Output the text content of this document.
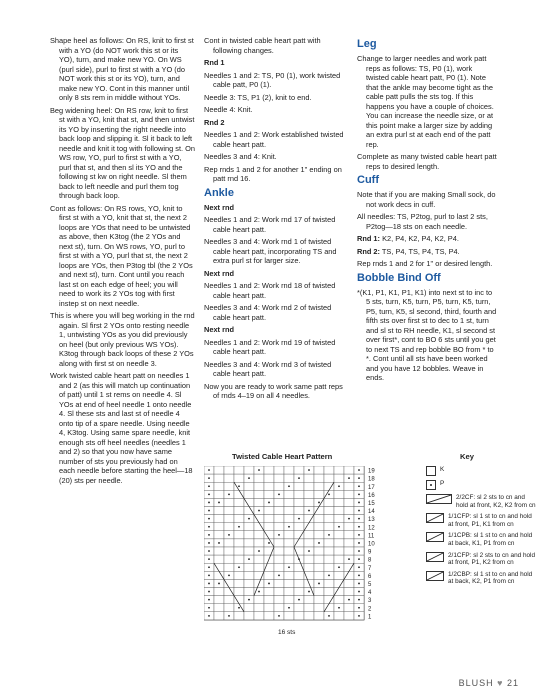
Shape heel as follows: On RS, knit to first st with a YO (do NOT work this st or its YO), turn, and make new YO. On WS (purl side), purl to first st with a YO (do NOT work this st or its YO), turn, and make new YO. Cont in this manner until only 8 sts rem in middle without YOs.

Beg widening heel: On RS row, knit to first st with a YO, knit that st, and then untwist its YO by inserting the right needle into back loop and slipping it. Sl it back to left needle and knit it tog with following st. On WS row, YO, purl to first st with a YO, purl that st, and then sl its YO and the following st kw on right needle. Sl them back to left needle and purl them tog through back loop.

Cont as follows: On RS rows, YO, knit to first st with a YO, knit that st, the next 2 loops are YOs that need to be untwisted as above, then K3tog (the 2 YOs and next st), turn. On WS rows, YO, purl to first st with a YO, purl that st, the next 2 loops are YOs, then P3tog tbl (the 2 YOs and next st), turn. Cont until you reach last st on each edge of heel; you will need to work its 2 YOs tog with first instep st on next needle.

This is where you will beg working in the rnd again. Sl first 2 YOs onto resting needle 1, untwisting YOs as you did previously on heel (but only previous WS YOs). K3tog through back loops of these 2 YOs along with first st on needle 3.

Work twisted cable heart patt on needles 1 and 2 (as this will match up continuation of patt) until 1 st rems on needle 4. Sl YOs at end of heel needle 1 onto needle 4. Sl these sts and last st of needle 4 onto tip of a spare needle. Using needle 4, K3tog. Using same spare needle, knit enough sts off heel needles (needles 1 and 2) so that you now have same number of sts you previously had on each needle before starting the heel—18 (20) sts per needle.

Cont in twisted cable heart patt with following changes.

Rnd 1

Needles 1 and 2: TS, P0 (1), work twisted cable patt, P0 (1).

Needle 3: TS, P1 (2), knit to end.

Needle 4: Knit.

Rnd 2

Needles 1 and 2: Work established twisted cable heart patt.

Needles 3 and 4: Knit.

Rep rnds 1 and 2 for another 1" ending on patt rnd 16.

Ankle

Next rnd

Needles 1 and 2: Work rnd 17 of twisted cable heart patt.

Needles 3 and 4: Work rnd 1 of twisted cable heart patt, incorporating TS and extra purl st for larger size.

Next rnd

Needles 1 and 2: Work rnd 18 of twisted cable heart patt.

Needles 3 and 4: Work rnd 2 of twisted cable heart patt.

Next rnd

Needles 1 and 2: Work rnd 19 of twisted cable heart patt.

Needles 3 and 4: Work rnd 3 of twisted cable heart patt.

Now you are ready to work same patt reps of rnds 4–19 on all 4 needles.

Leg

Change to larger needles and work patt reps as follows: TS, P0 (1), work twisted cable heart patt, P0 (1). Note that the ankle may become tight as the cable patt pulls the sts tog. If this happens you have a couple of choices. You can increase the needle size, or at this point make a larger size by adding an extra purl st at each end of the patt rep.

Complete as many twisted cable heart patt reps to desired length.

Cuff

Note that if you are making Small sock, do not work decs in cuff.

All needles: TS, P2tog, purl to last 2 sts, P2tog—18 sts on each needle.

Rnd 1: K2, P4, K2, P4, K2, P4.

Rnd 2: TS, P4, TS, P4, TS, P4.

Rep rnds 1 and 2 for 1" or desired length.

Bobble Bind Off

*(K1, P1, K1, P1, K1) into next st to inc to 5 sts, turn, K5, turn, P5, turn, K5, turn, P5, turn, K5, sl second, third, fourth and fifth sts over first st to dec to 1 st, turn and sl st to RH needle, K1, sl second st over first*, cont to BO 6 sts until you get to next TS and rep bobble BO from * to *. Cont until all sts have been worked and you have 12 bobbles. Weave in ends.

Twisted Cable Heart Pattern
19
18
17
16
15
14
13
12
11
10
9
8
7
6
5
4
3
2
1
16 sts
Key
K
P
2/2CF: sl 2 sts to cn and hold at front, K2, K2 from cn
1/1CFP: sl 1 st to cn and hold at front, P1, K1 from cn
1/1CPB: sl 1 st to cn and hold at back, K1, P1 from cn
2/1CFP: sl 2 sts to cn and hold at front, P1, K2 from cn
1/2CBP: sl 1 st to cn and hold at back, K2, P1 from cn
BLUSH ♥ 21
